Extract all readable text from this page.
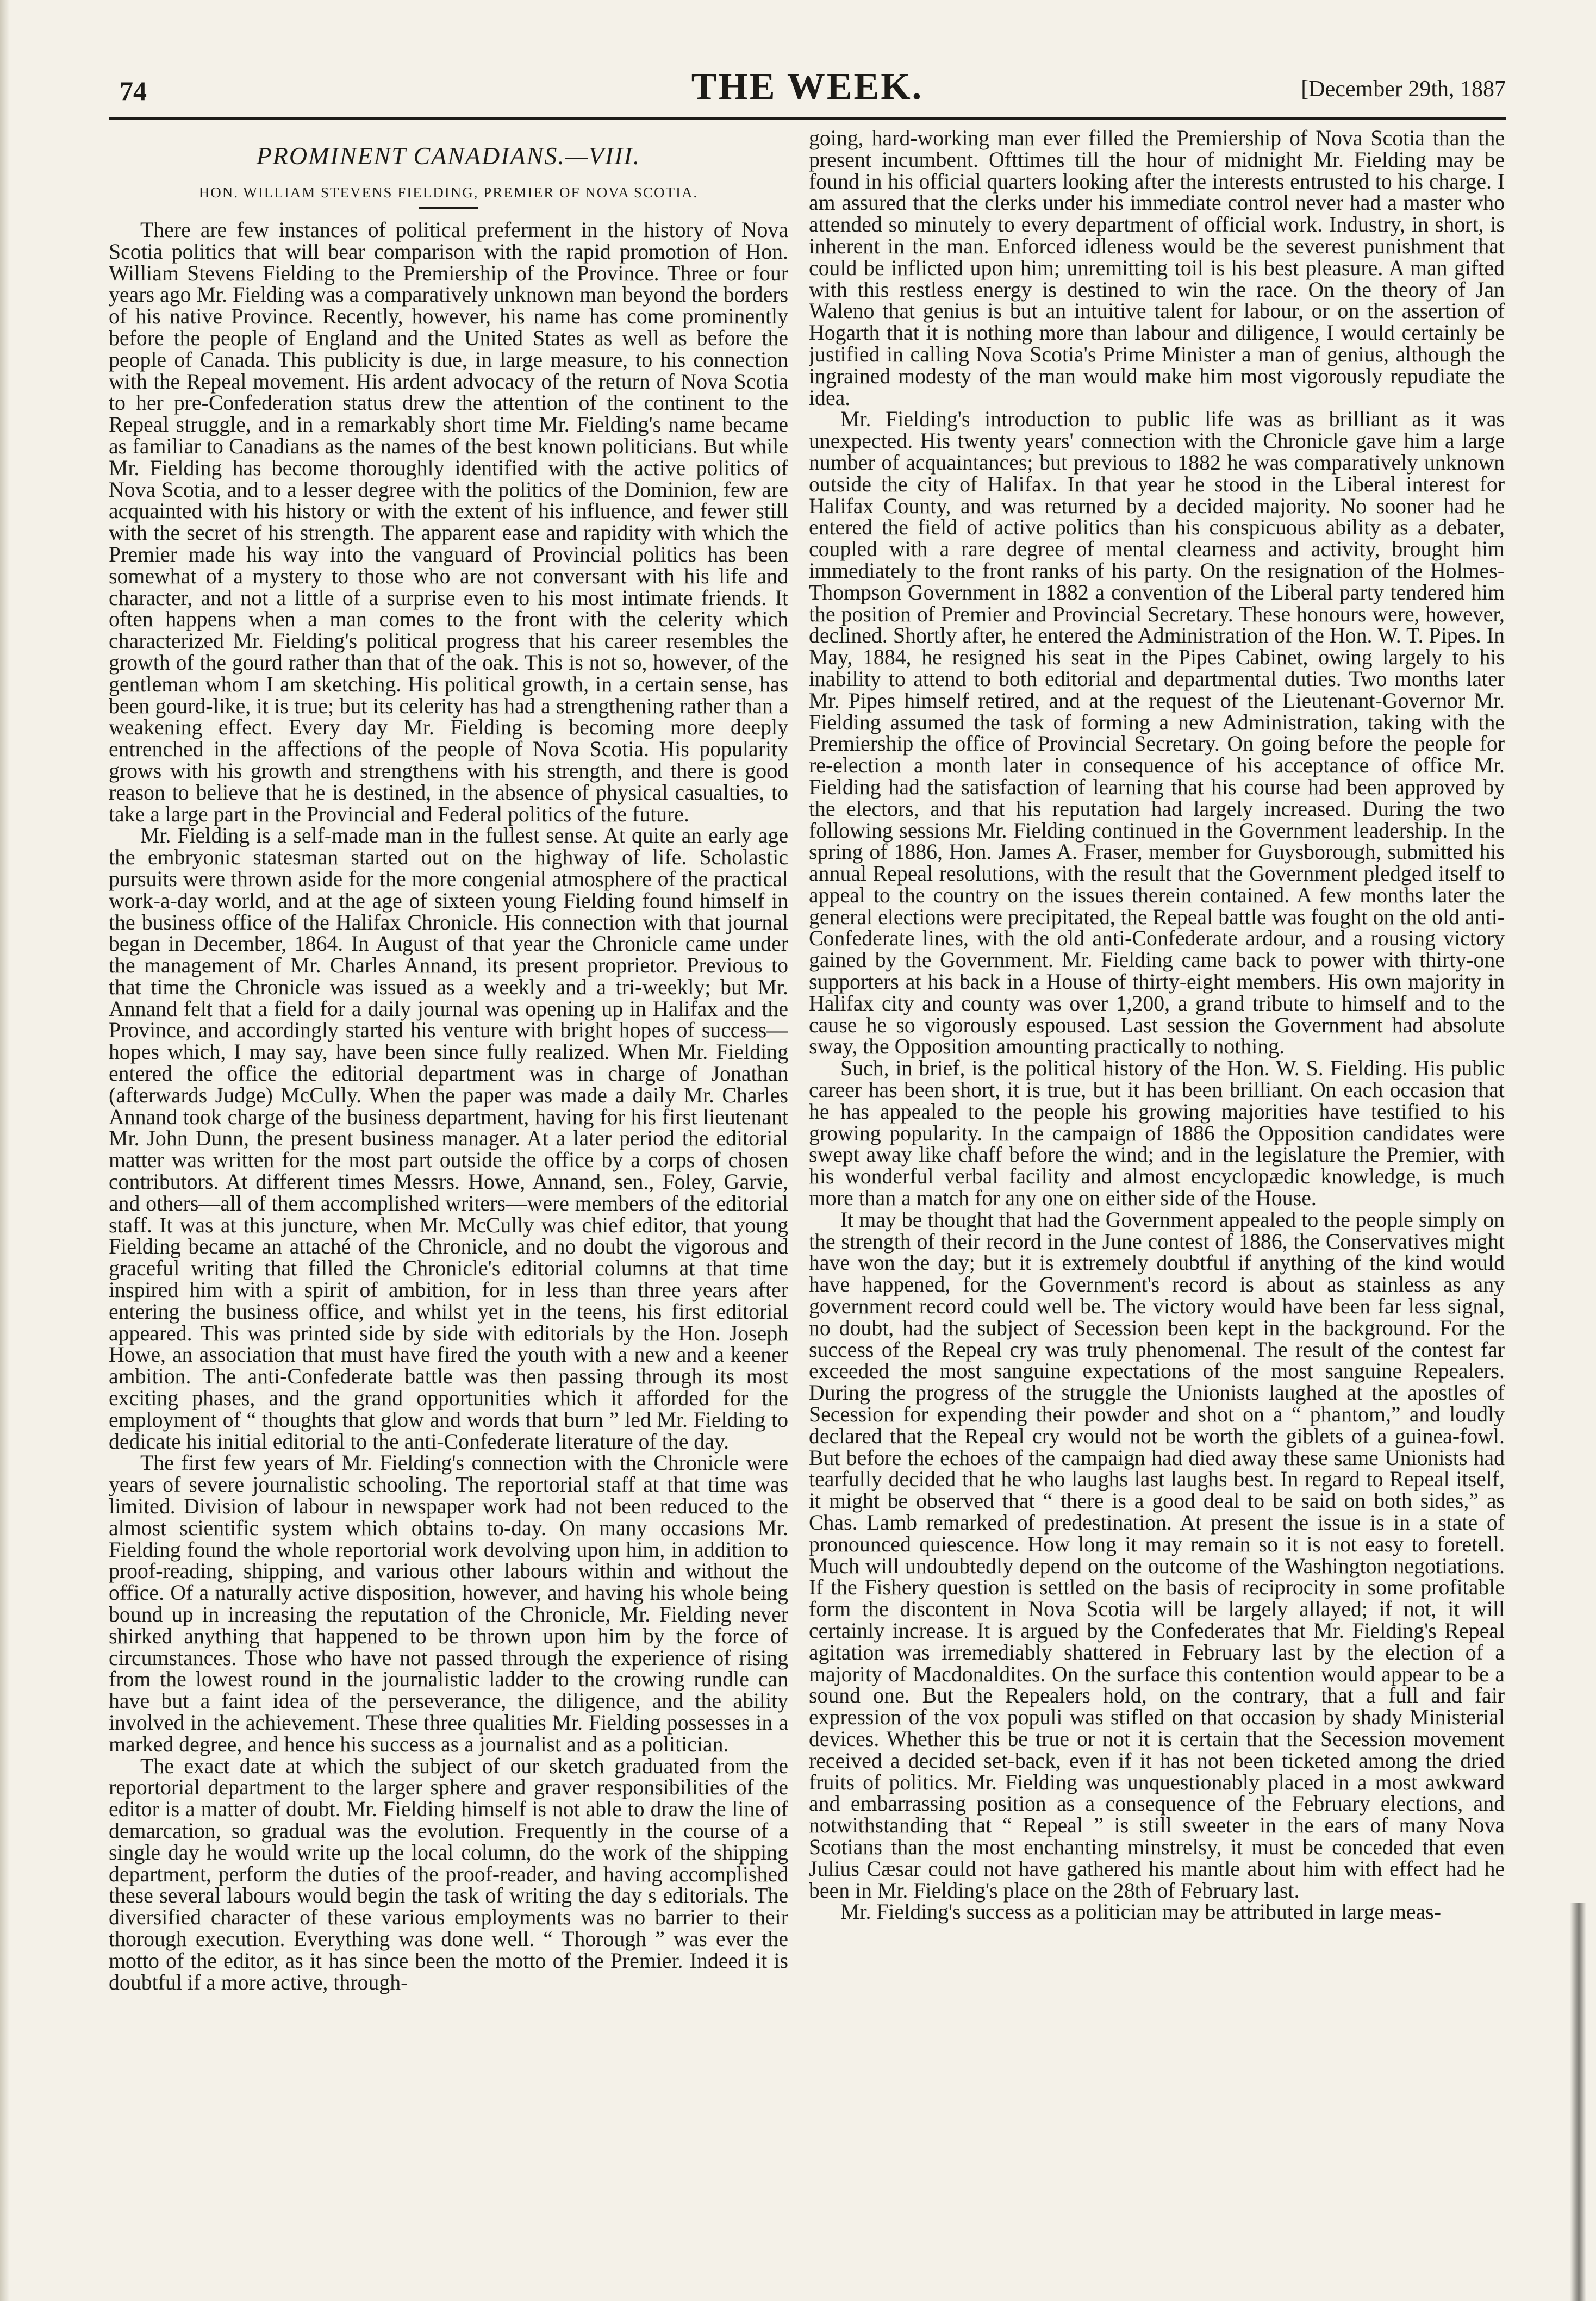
74	THE WEEK.	[December 29th, 1887
PROMINENT CANADIANS.—VIII.
HON. WILLIAM STEVENS FIELDING, PREMIER OF NOVA SCOTIA.

There are few instances of political preferment in the history of Nova Scotia politics that will bear comparison with the rapid promotion of Hon. William Stevens Fielding to the Premiership of the Province. Three or four years ago Mr. Fielding was a comparatively unknown man beyond the borders of his native Province. Recently, however, his name has come prominently before the people of England and the United States as well as before the people of Canada. This publicity is due, in large measure, to his connection with the Repeal movement. His ardent advocacy of the return of Nova Scotia to her pre-Confederation status drew the attention of the continent to the Repeal struggle, and in a remarkably short time Mr. Fielding's name became as familiar to Canadians as the names of the best known politicians. But while Mr. Fielding has become thoroughly identified with the active politics of Nova Scotia, and to a lesser degree with the politics of the Dominion, few are acquainted with his history or with the extent of his influence, and fewer still with the secret of his strength. The apparent ease and rapidity with which the Premier made his way into the vanguard of Provincial politics has been somewhat of a mystery to those who are not conversant with his life and character, and not a little of a surprise even to his most intimate friends. It often happens when a man comes to the front with the celerity which characterized Mr. Fielding's political progress that his career resembles the growth of the gourd rather than that of the oak. This is not so, however, of the gentleman whom I am sketching. His political growth, in a certain sense, has been gourd-like, it is true; but its celerity has had a strengthening rather than a weakening effect. Every day Mr. Fielding is becoming more deeply entrenched in the affections of the people of Nova Scotia. His popularity grows with his growth and strengthens with his strength, and there is good reason to believe that he is destined, in the absence of physical casualties, to take a large part in the Provincial and Federal politics of the future.

Mr. Fielding is a self-made man in the fullest sense. At quite an early age the embryonic statesman started out on the highway of life. Scholastic pursuits were thrown aside for the more congenial atmosphere of the practical work-a-day world, and at the age of sixteen young Fielding found himself in the business office of the Halifax Chronicle. His connection with that journal began in December, 1864. In August of that year the Chronicle came under the management of Mr. Charles Annand, its present proprietor. Previous to that time the Chronicle was issued as a weekly and a tri-weekly; but Mr. Annand felt that a field for a daily journal was opening up in Halifax and the Province, and accordingly started his venture with bright hopes of success—hopes which, I may say, have been since fully realized. When Mr. Fielding entered the office the editorial department was in charge of Jonathan (afterwards Judge) McCully. When the paper was made a daily Mr. Charles Annand took charge of the business department, having for his first lieutenant Mr. John Dunn, the present business manager. At a later period the editorial matter was written for the most part outside the office by a corps of chosen contributors. At different times Messrs. Howe, Annand, sen., Foley, Garvie, and others—all of them accomplished writers—were members of the editorial staff. It was at this juncture, when Mr. McCully was chief editor, that young Fielding became an attaché of the Chronicle, and no doubt the vigorous and graceful writing that filled the Chronicle's editorial columns at that time inspired him with a spirit of ambition, for in less than three years after entering the business office, and whilst yet in the teens, his first editorial appeared. This was printed side by side with editorials by the Hon. Joseph Howe, an association that must have fired the youth with a new and a keener ambition. The anti-Confederate battle was then passing through its most exciting phases, and the grand opportunities which it afforded for the employment of “ thoughts that glow and words that burn ” led Mr. Fielding to dedicate his initial editorial to the anti-Confederate literature of the day.

The first few years of Mr. Fielding's connection with the Chronicle were years of severe journalistic schooling. The reportorial staff at that time was limited. Division of labour in newspaper work had not been reduced to the almost scientific system which obtains to-day. On many occasions Mr. Fielding found the whole reportorial work devolving upon him, in addition to proof-reading, shipping, and various other labours within and without the office. Of a naturally active disposition, however, and having his whole being bound up in increasing the reputation of the Chronicle, Mr. Fielding never shirked anything that happened to be thrown upon him by the force of circumstances. Those who have not passed through the experience of rising from the lowest round in the journalistic ladder to the crowing rundle can have but a faint idea of the perseverance, the diligence, and the ability involved in the achievement. These three qualities Mr. Fielding possesses in a marked degree, and hence his success as a journalist and as a politician.

The exact date at which the subject of our sketch graduated from the reportorial department to the larger sphere and graver responsibilities of the editor is a matter of doubt. Mr. Fielding himself is not able to draw the line of demarcation, so gradual was the evolution. Frequently in the course of a single day he would write up the local column, do the work of the shipping department, perform the duties of the proof-reader, and having accomplished these several labours would begin the task of writing the day s editorials. The diversified character of these various employments was no barrier to their thorough execution. Everything was done well. “ Thorough ” was ever the motto of the editor, as it has since been the motto of the Premier. Indeed it is doubtful if a more active, through-

going, hard-working man ever filled the Premiership of Nova Scotia than the present incumbent. Ofttimes till the hour of midnight Mr. Fielding may be found in his official quarters looking after the interests entrusted to his charge. I am assured that the clerks under his immediate control never had a master who attended so minutely to every department of official work. Industry, in short, is inherent in the man. Enforced idleness would be the severest punishment that could be inflicted upon him; unremitting toil is his best pleasure. A man gifted with this restless energy is destined to win the race. On the theory of Jan Waleno that genius is but an intuitive talent for labour, or on the assertion of Hogarth that it is nothing more than labour and diligence, I would certainly be justified in calling Nova Scotia's Prime Minister a man of genius, although the ingrained modesty of the man would make him most vigorously repudiate the idea.

Mr. Fielding's introduction to public life was as brilliant as it was unexpected. His twenty years' connection with the Chronicle gave him a large number of acquaintances; but previous to 1882 he was comparatively unknown outside the city of Halifax. In that year he stood in the Liberal interest for Halifax County, and was returned by a decided majority. No sooner had he entered the field of active politics than his conspicuous ability as a debater, coupled with a rare degree of mental clearness and activity, brought him immediately to the front ranks of his party. On the resignation of the Holmes-Thompson Government in 1882 a convention of the Liberal party tendered him the position of Premier and Provincial Secretary. These honours were, however, declined. Shortly after, he entered the Administration of the Hon. W. T. Pipes. In May, 1884, he resigned his seat in the Pipes Cabinet, owing largely to his inability to attend to both editorial and departmental duties. Two months later Mr. Pipes himself retired, and at the request of the Lieutenant-Governor Mr. Fielding assumed the task of forming a new Administration, taking with the Premiership the office of Provincial Secretary. On going before the people for re-election a month later in consequence of his acceptance of office Mr. Fielding had the satisfaction of learning that his course had been approved by the electors, and that his reputation had largely increased. During the two following sessions Mr. Fielding continued in the Government leadership. In the spring of 1886, Hon. James A. Fraser, member for Guysborough, submitted his annual Repeal resolutions, with the result that the Government pledged itself to appeal to the country on the issues therein contained. A few months later the general elections were precipitated, the Repeal battle was fought on the old anti-Confederate lines, with the old anti-Confederate ardour, and a rousing victory gained by the Government. Mr. Fielding came back to power with thirty-one supporters at his back in a House of thirty-eight members. His own majority in Halifax city and county was over 1,200, a grand tribute to himself and to the cause he so vigorously espoused. Last session the Government had absolute sway, the Opposition amounting practically to nothing.

Such, in brief, is the political history of the Hon. W. S. Fielding. His public career has been short, it is true, but it has been brilliant. On each occasion that he has appealed to the people his growing majorities have testified to his growing popularity. In the campaign of 1886 the Opposition candidates were swept away like chaff before the wind; and in the legislature the Premier, with his wonderful verbal facility and almost encyclopædic knowledge, is much more than a match for any one on either side of the House.

It may be thought that had the Government appealed to the people simply on the strength of their record in the June contest of 1886, the Conservatives might have won the day; but it is extremely doubtful if anything of the kind would have happened, for the Government's record is about as stainless as any government record could well be. The victory would have been far less signal, no doubt, had the subject of Secession been kept in the background. For the success of the Repeal cry was truly phenomenal. The result of the contest far exceeded the most sanguine expectations of the most sanguine Repealers. During the progress of the struggle the Unionists laughed at the apostles of Secession for expending their powder and shot on a “ phantom,” and loudly declared that the Repeal cry would not be worth the giblets of a guinea-fowl. But before the echoes of the campaign had died away these same Unionists had tearfully decided that he who laughs last laughs best. In regard to Repeal itself, it might be observed that “ there is a good deal to be said on both sides,” as Chas. Lamb remarked of predestination. At present the issue is in a state of pronounced quiescence. How long it may remain so it is not easy to foretell. Much will undoubtedly depend on the outcome of the Washington negotiations. If the Fishery question is settled on the basis of reciprocity in some profitable form the discontent in Nova Scotia will be largely allayed; if not, it will certainly increase. It is argued by the Confederates that Mr. Fielding's Repeal agitation was irremediably shattered in February last by the election of a majority of Macdonaldites. On the surface this contention would appear to be a sound one. But the Repealers hold, on the contrary, that a full and fair expression of the vox populi was stifled on that occasion by shady Ministerial devices. Whether this be true or not it is certain that the Secession movement received a decided set-back, even if it has not been ticketed among the dried fruits of politics. Mr. Fielding was unquestionably placed in a most awkward and embarrassing position as a consequence of the February elections, and notwithstanding that “ Repeal ” is still sweeter in the ears of many Nova Scotians than the most enchanting minstrelsy, it must be conceded that even Julius Cæsar could not have gathered his mantle about him with effect had he been in Mr. Fielding's place on the 28th of February last.

Mr. Fielding's success as a politician may be attributed in large meas-
